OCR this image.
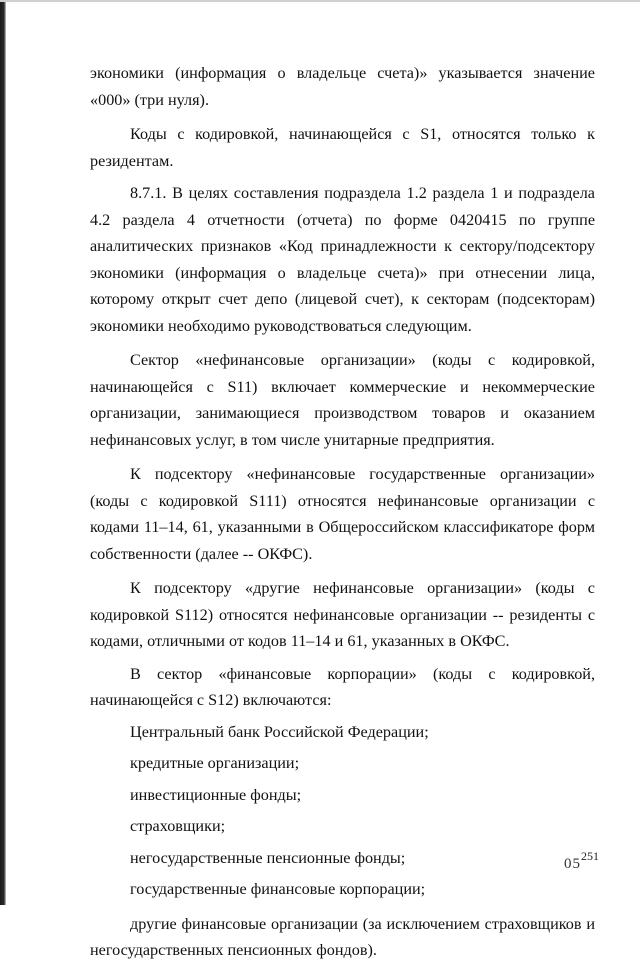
экономики (информация о владельце счета)» указывается значение «000» (три нуля).

Коды с кодировкой, начинающейся с S1, относятся только к резидентам.

8.7.1. В целях составления подраздела 1.2 раздела 1 и подраздела 4.2 раздела 4 отчетности (отчета) по форме 0420415 по группе аналитических признаков «Код принадлежности к сектору/подсектору экономики (информация о владельце счета)» при отнесении лица, которому открыт счет депо (лицевой счет), к секторам (подсекторам) экономики необходимо руководствоваться следующим.

Сектор «нефинансовые организации» (коды с кодировкой, начинающейся с S11) включает коммерческие и некоммерческие организации, занимающиеся производством товаров и оказанием нефинансовых услуг, в том числе унитарные предприятия.

К подсектору «нефинансовые государственные организации» (коды с кодировкой S111) относятся нефинансовые организации с кодами 11–14, 61, указанными в Общероссийском классификаторе форм собственности (далее -- ОКФС).

К подсектору «другие нефинансовые организации» (коды с кодировкой S112) относятся нефинансовые организации -- резиденты с кодами, отличными от кодов 11–14 и 61, указанных в ОКФС.

В сектор «финансовые корпорации» (коды с кодировкой, начинающейся с S12) включаются:

Центральный банк Российской Федерации;
кредитные организации;
инвестиционные фонды;
страховщики;
негосударственные пенсионные фонды;
государственные финансовые корпорации;

другие финансовые организации (за исключением страховщиков и негосударственных пенсионных фондов).

$05^{251}$
